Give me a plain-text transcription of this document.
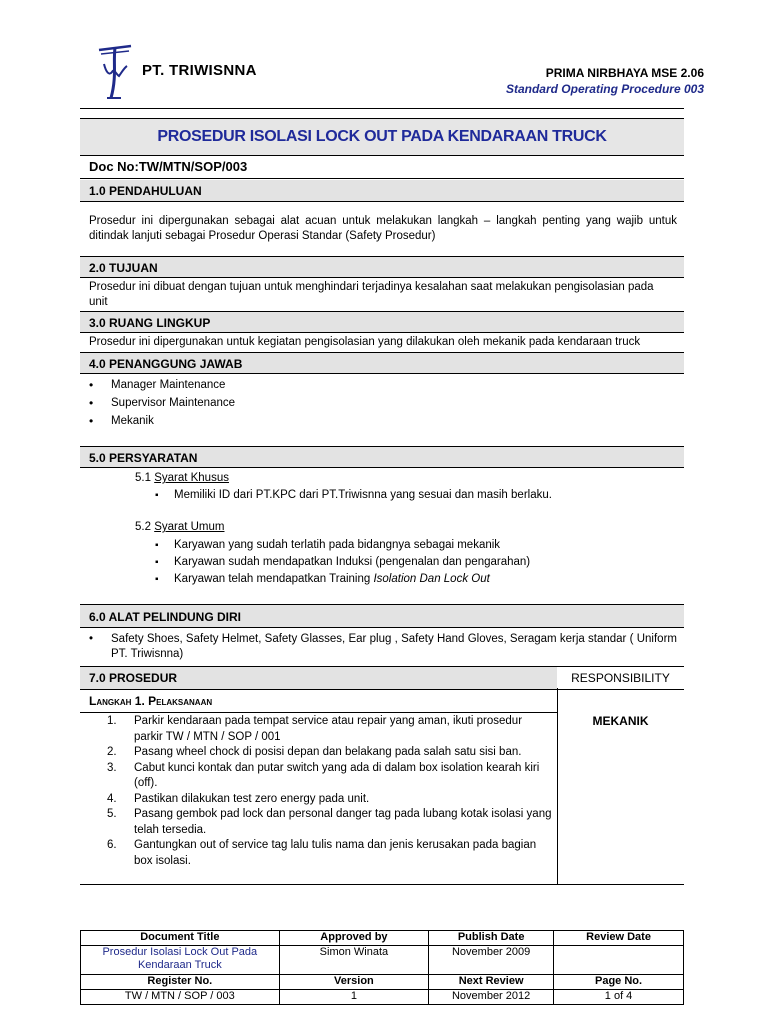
PT. TRIWISNNA	PRIMA NIRBHAYA MSE 2.06
Standard Operating Procedure 003
PROSEDUR ISOLASI LOCK OUT PADA KENDARAAN TRUCK
Doc No:TW/MTN/SOP/003
1.0 PENDAHULUAN
Prosedur ini dipergunakan sebagai alat acuan untuk melakukan langkah – langkah penting yang wajib untuk ditindak lanjuti sebagai Prosedur Operasi Standar (Safety Prosedur)
2.0 TUJUAN
Prosedur ini dibuat dengan tujuan untuk menghindari terjadinya kesalahan saat melakukan pengisolasian pada unit
3.0 RUANG LINGKUP
Prosedur ini dipergunakan untuk kegiatan pengisolasian yang dilakukan oleh mekanik pada kendaraan truck
4.0 PENANGGUNG JAWAB
• Manager Maintenance
• Supervisor Maintenance
• Mekanik
5.0 PERSYARATAN
5.1 Syarat Khusus
▪ Memiliki ID dari PT.KPC dari PT.Triwisnna yang sesuai dan masih berlaku.
5.2 Syarat Umum
▪ Karyawan yang sudah terlatih pada bidangnya sebagai mekanik
▪ Karyawan sudah mendapatkan Induksi (pengenalan dan pengarahan)
▪ Karyawan telah mendapatkan Training Isolation Dan Lock Out
6.0 ALAT PELINDUNG DIRI
• Safety Shoes, Safety Helmet, Safety Glasses, Ear plug , Safety Hand Gloves, Seragam kerja standar ( Uniform PT. Triwisnna)
7.0 PROSEDUR	RESPONSIBILITY
Langkah 1. Pelaksanaan
1. Parkir kendaraan pada tempat service atau repair yang aman, ikuti prosedur parkir TW / MTN / SOP / 001
2. Pasang wheel chock di posisi depan dan belakang pada salah satu sisi ban.
3. Cabut kunci kontak dan putar switch yang ada di dalam box isolation kearah kiri (off).
4. Pastikan dilakukan test zero energy pada unit.
5. Pasang gembok pad lock dan personal danger tag pada lubang kotak isolasi yang telah tersedia.
6. Gantungkan out of service tag lalu tulis nama dan jenis kerusakan pada bagian box isolasi.
MEKANIK
Document Title	Approved by	Publish Date	Review Date
Prosedur Isolasi Lock Out Pada Kendaraan Truck	Simon Winata	November 2009	
Register No.	Version	Next Review	Page No.
TW / MTN / SOP / 003	1	November 2012	1 of 4
